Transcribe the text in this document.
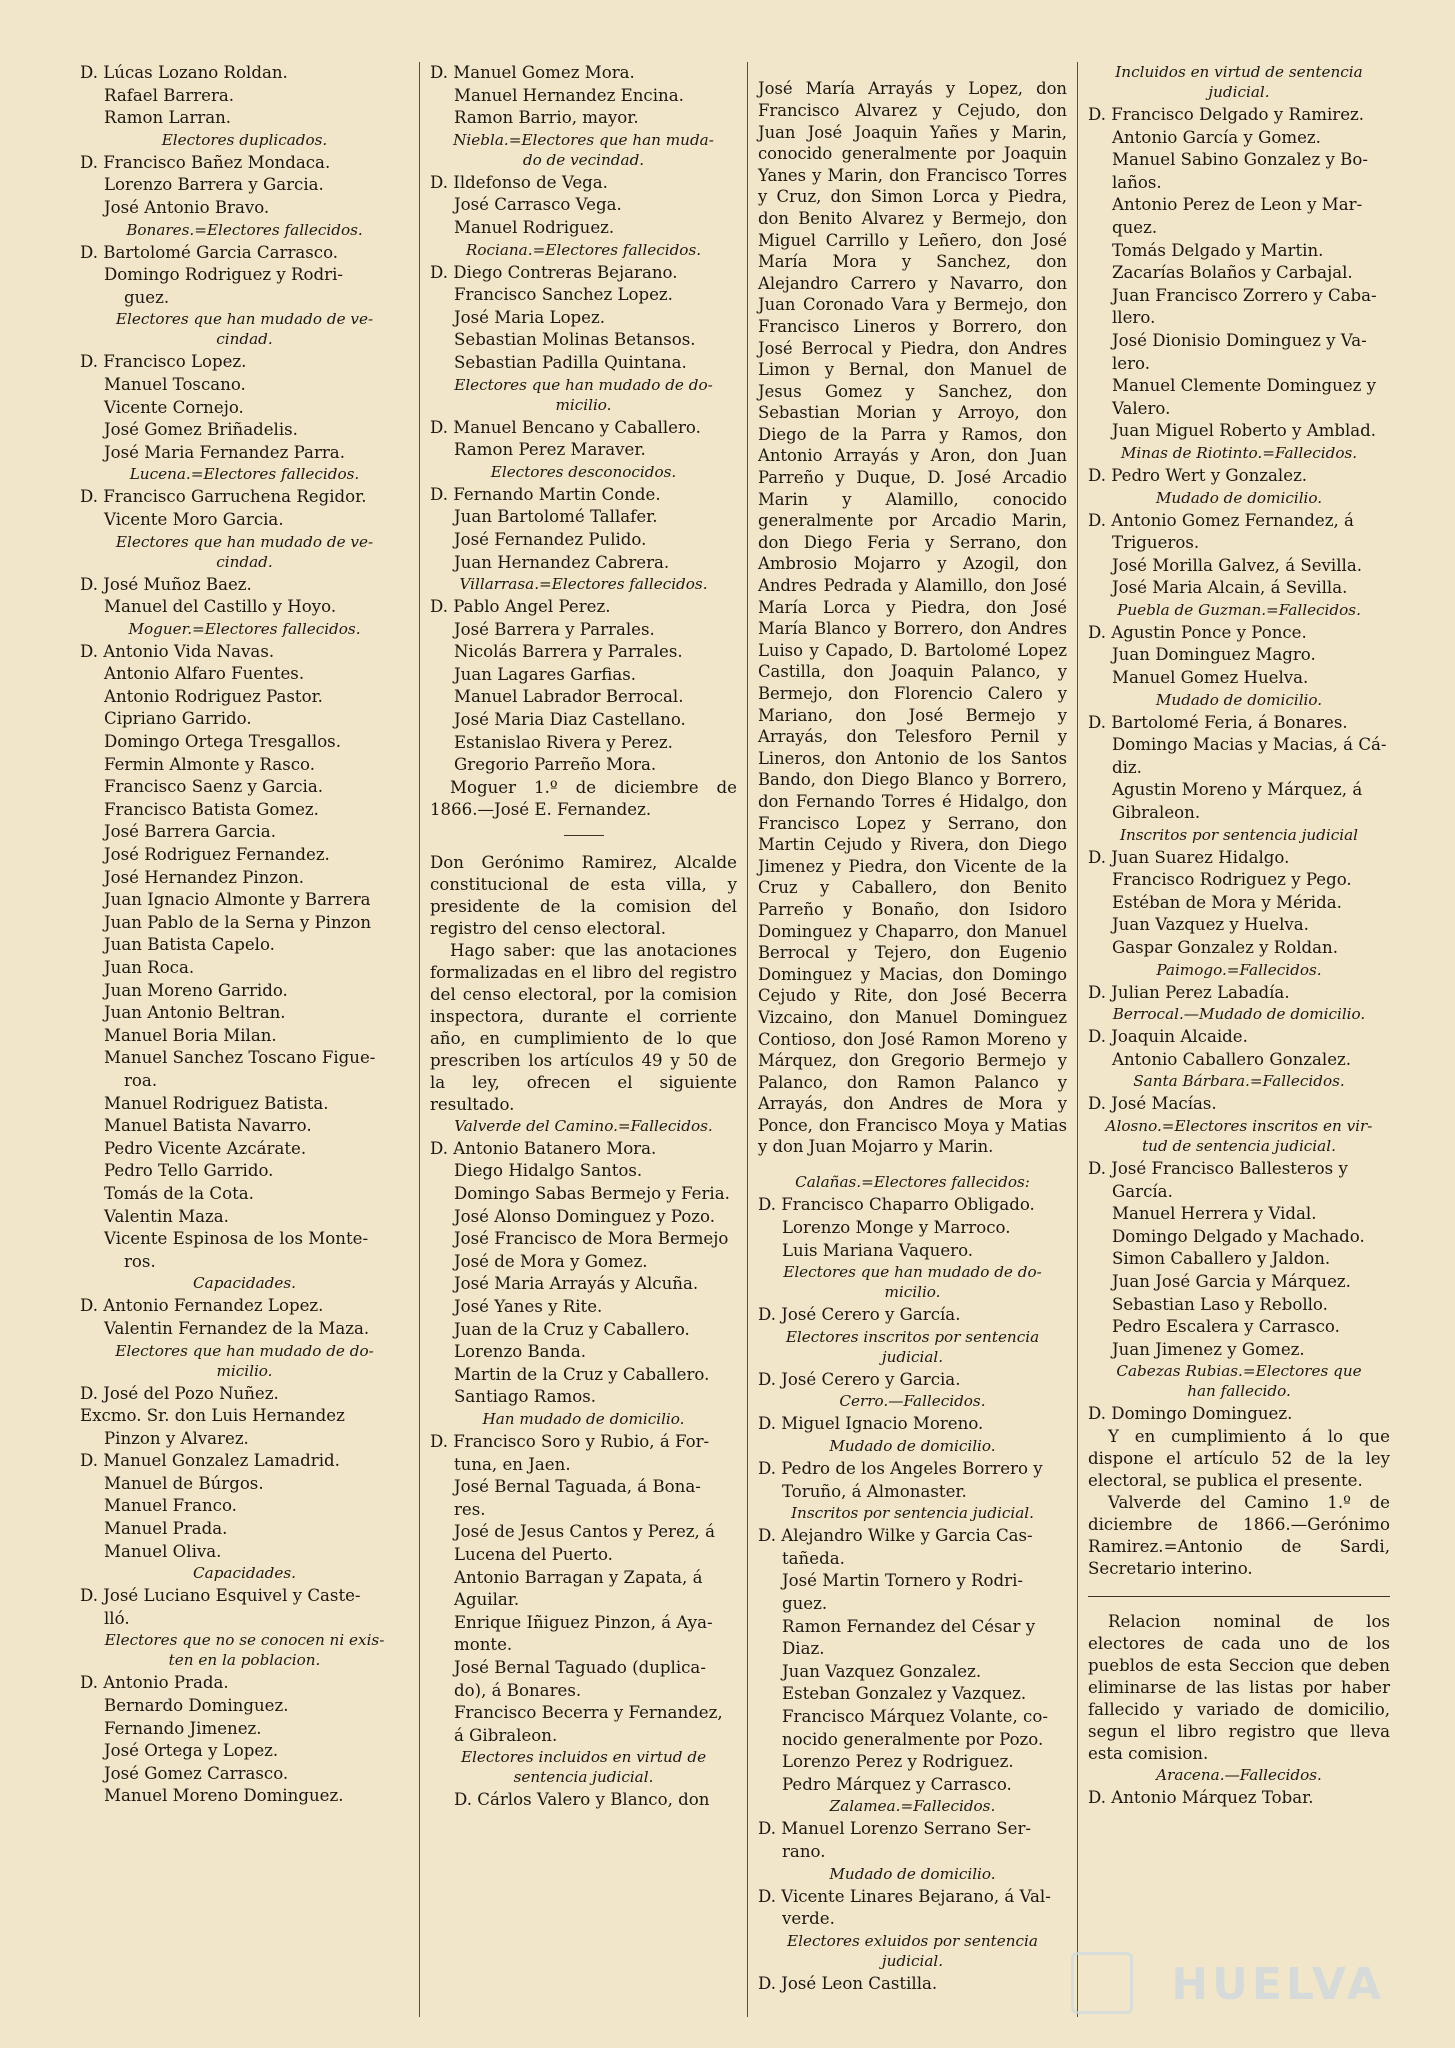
D. Lúcas Lozano Roldan.
Rafael Barrera.
Ramon Larran.
Electores duplicados.
D. Francisco Bañez Mondaca.
Lorenzo Barrera y Garcia.
José Antonio Bravo.
Bonares.=Electores fallecidos.
D. Bartolomé Garcia Carrasco.
Domingo Rodriguez y Rodri-
guez.
Electores que han mudado de ve-
cindad.
D. Francisco Lopez.
Manuel Toscano.
Vicente Cornejo.
José Gomez Briñadelis.
José Maria Fernandez Parra.
Lucena.=Electores fallecidos.
D. Francisco Garruchena Regidor.
Vicente Moro Garcia.
Electores que han mudado de ve-
cindad.
D. José Muñoz Baez.
Manuel del Castillo y Hoyo.
Moguer.=Electores fallecidos.
D. Antonio Vida Navas.
Antonio Alfaro Fuentes.
Antonio Rodriguez Pastor.
Cipriano Garrido.
Domingo Ortega Tresgallos.
Fermin Almonte y Rasco.
Francisco Saenz y Garcia.
Francisco Batista Gomez.
José Barrera Garcia.
José Rodriguez Fernandez.
José Hernandez Pinzon.
Juan Ignacio Almonte y Barrera
Juan Pablo de la Serna y Pinzon
Juan Batista Capelo.
Juan Roca.
Juan Moreno Garrido.
Juan Antonio Beltran.
Manuel Boria Milan.
Manuel Sanchez Toscano Figue-
roa.
Manuel Rodriguez Batista.
Manuel Batista Navarro.
Pedro Vicente Azcárate.
Pedro Tello Garrido.
Tomás de la Cota.
Valentin Maza.
Vicente Espinosa de los Monte-
ros.
Capacidades.
D. Antonio Fernandez Lopez.
Valentin Fernandez de la Maza.
Electores que han mudado de do-
micilio.
D. José del Pozo Nuñez.
Excmo. Sr. don Luis Hernandez
Pinzon y Alvarez.
D. Manuel Gonzalez Lamadrid.
Manuel de Búrgos.
Manuel Franco.
Manuel Prada.
Manuel Oliva.
Capacidades.
D. José Luciano Esquivel y Caste-
lló.
Electores que no se conocen ni exis-
ten en la poblacion.
D. Antonio Prada.
Bernardo Dominguez.
Fernando Jimenez.
José Ortega y Lopez.
José Gomez Carrasco.
Manuel Moreno Dominguez.
D. Manuel Gomez Mora.
Manuel Hernandez Encina.
Ramon Barrio, mayor.
Niebla.=Electores que han muda-
do de vecindad.
D. Ildefonso de Vega.
José Carrasco Vega.
Manuel Rodriguez.
Rociana.=Electores fallecidos.
D. Diego Contreras Bejarano.
Francisco Sanchez Lopez.
José Maria Lopez.
Sebastian Molinas Betansos.
Sebastian Padilla Quintana.
Electores que han mudado de do-
micilio.
D. Manuel Bencano y Caballero.
Ramon Perez Maraver.
Electores desconocidos.
D. Fernando Martin Conde.
Juan Bartolomé Tallafer.
José Fernandez Pulido.
Juan Hernandez Cabrera.
Villarrasa.=Electores fallecidos.
D. Pablo Angel Perez.
José Barrera y Parrales.
Nicolás Barrera y Parrales.
Juan Lagares Garfias.
Manuel Labrador Berrocal.
José Maria Diaz Castellano.
Estanislao Rivera y Perez.
Gregorio Parreño Mora.

Moguer 1.º de diciembre de 1866.—José E. Fernandez.

Don Gerónimo Ramirez, Alcalde constitucional de esta villa, y presidente de la comision del registro del censo electoral.

Hago saber: que las anotaciones formalizadas en el libro del registro del censo electoral, por la comision inspectora, durante el corriente año, en cumplimiento de lo que prescriben los artículos 49 y 50 de la ley, ofrecen el siguiente resultado.

Valverde del Camino.=Fallecidos.
D. Antonio Batanero Mora.
Diego Hidalgo Santos.
Domingo Sabas Bermejo y Feria.
José Alonso Dominguez y Pozo.
José Francisco de Mora Bermejo
José de Mora y Gomez.
José Maria Arrayás y Alcuña.
José Yanes y Rite.
Juan de la Cruz y Caballero.
Lorenzo Banda.
Martin de la Cruz y Caballero.
Santiago Ramos.
Han mudado de domicilio.
D. Francisco Soro y Rubio, á For-
tuna, en Jaen.
José Bernal Taguada, á Bona-
res.
José de Jesus Cantos y Perez, á
Lucena del Puerto.
Antonio Barragan y Zapata, á
Aguilar.
Enrique Iñiguez Pinzon, á Aya-
monte.
José Bernal Taguado (duplica-
do), á Bonares.
Francisco Becerra y Fernandez,
á Gibraleon.
Electores incluidos en virtud de
sentencia judicial.
D. Cárlos Valero y Blanco, don

José María Arrayás y Lopez, don Francisco Alvarez y Cejudo, don Juan José Joaquin Yañes y Marin, conocido generalmente por Joaquin Yanes y Marin, don Francisco Torres y Cruz, don Simon Lorca y Piedra, don Benito Alvarez y Bermejo, don Miguel Carrillo y Leñero, don José María Mora y Sanchez, don Alejandro Carrero y Navarro, don Juan Coronado Vara y Bermejo, don Francisco Lineros y Borrero, don José Berrocal y Piedra, don Andres Limon y Bernal, don Manuel de Jesus Gomez y Sanchez, don Sebastian Morian y Arroyo, don Diego de la Parra y Ramos, don Antonio Arrayás y Aron, don Juan Parreño y Duque, D. José Arcadio Marin y Alamillo, conocido generalmente por Arcadio Marin, don Diego Feria y Serrano, don Ambrosio Mojarro y Azogil, don Andres Pedrada y Alamillo, don José María Lorca y Piedra, don José María Blanco y Borrero, don Andres Luiso y Capado, D. Bartolomé Lopez Castilla, don Joaquin Palanco, y Bermejo, don Florencio Calero y Mariano, don José Bermejo y Arrayás, don Telesforo Pernil y Lineros, don Antonio de los Santos Bando, don Diego Blanco y Borrero, don Fernando Torres é Hidalgo, don Francisco Lopez y Serrano, don Martin Cejudo y Rivera, don Diego Jimenez y Piedra, don Vicente de la Cruz y Caballero, don Benito Parreño y Bonaño, don Isidoro Dominguez y Chaparro, don Manuel Berrocal y Tejero, don Eugenio Dominguez y Macias, don Domingo Cejudo y Rite, don José Becerra Vizcaino, don Manuel Dominguez Contioso, don José Ramon Moreno y Márquez, don Gregorio Bermejo y Palanco, don Ramon Palanco y Arrayás, don Andres de Mora y Ponce, don Francisco Moya y Matias y don Juan Mojarro y Marin.

Calañas.=Electores fallecidos:
D. Francisco Chaparro Obligado.
Lorenzo Monge y Marroco.
Luis Mariana Vaquero.
Electores que han mudado de do-
micilio.
D. José Cerero y García.
Electores inscritos por sentencia
judicial.
D. José Cerero y Garcia.
Cerro.—Fallecidos.
D. Miguel Ignacio Moreno.
Mudado de domicilio.
D. Pedro de los Angeles Borrero y
Toruño, á Almonaster.
Inscritos por sentencia judicial.
D. Alejandro Wilke y Garcia Cas-
tañeda.
José Martin Tornero y Rodri-
guez.
Ramon Fernandez del César y
Diaz.
Juan Vazquez Gonzalez.
Esteban Gonzalez y Vazquez.
Francisco Márquez Volante, co-
nocido generalmente por Pozo.
Lorenzo Perez y Rodriguez.
Pedro Márquez y Carrasco.
Zalamea.=Fallecidos.
D. Manuel Lorenzo Serrano Ser-
rano.
Mudado de domicilio.
D. Vicente Linares Bejarano, á Val-
verde.
Electores exluidos por sentencia
judicial.
D. José Leon Castilla.
Incluidos en virtud de sentencia
judicial.
D. Francisco Delgado y Ramirez.
Antonio García y Gomez.
Manuel Sabino Gonzalez y Bo-
laños.
Antonio Perez de Leon y Mar-
quez.
Tomás Delgado y Martin.
Zacarías Bolaños y Carbajal.
Juan Francisco Zorrero y Caba-
llero.
José Dionisio Dominguez y Va-
lero.
Manuel Clemente Dominguez y
Valero.
Juan Miguel Roberto y Amblad.
Minas de Riotinto.=Fallecidos.
D. Pedro Wert y Gonzalez.
Mudado de domicilio.
D. Antonio Gomez Fernandez, á
Trigueros.
José Morilla Galvez, á Sevilla.
José Maria Alcain, á Sevilla.
Puebla de Guzman.=Fallecidos.
D. Agustin Ponce y Ponce.
Juan Dominguez Magro.
Manuel Gomez Huelva.
Mudado de domicilio.
D. Bartolomé Feria, á Bonares.
Domingo Macias y Macias, á Cá-
diz.
Agustin Moreno y Márquez, á
Gibraleon.
Inscritos por sentencia judicial
D. Juan Suarez Hidalgo.
Francisco Rodriguez y Pego.
Estéban de Mora y Mérida.
Juan Vazquez y Huelva.
Gaspar Gonzalez y Roldan.
Paimogo.=Fallecidos.
D. Julian Perez Labadía.
Berrocal.—Mudado de domicilio.
D. Joaquin Alcaide.
Antonio Caballero Gonzalez.
Santa Bárbara.=Fallecidos.
D. José Macías.
Alosno.=Electores inscritos en vir-
tud de sentencia judicial.
D. José Francisco Ballesteros y
García.
Manuel Herrera y Vidal.
Domingo Delgado y Machado.
Simon Caballero y Jaldon.
Juan José Garcia y Márquez.
Sebastian Laso y Rebollo.
Pedro Escalera y Carrasco.
Juan Jimenez y Gomez.
Cabezas Rubias.=Electores que
han fallecido.
D. Domingo Dominguez.

Y en cumplimiento á lo que dispone el artículo 52 de la ley electoral, se publica el presente.

Valverde del Camino 1.º de diciembre de 1866.—Gerónimo Ramirez.=Antonio de Sardi, Secretario interino.

Relacion nominal de los electores de cada uno de los pueblos de esta Seccion que deben eliminarse de las listas por haber fallecido y variado de domicilio, segun el libro registro que lleva esta comision.

Aracena.—Fallecidos.
D. Antonio Márquez Tobar.
HUELVA
